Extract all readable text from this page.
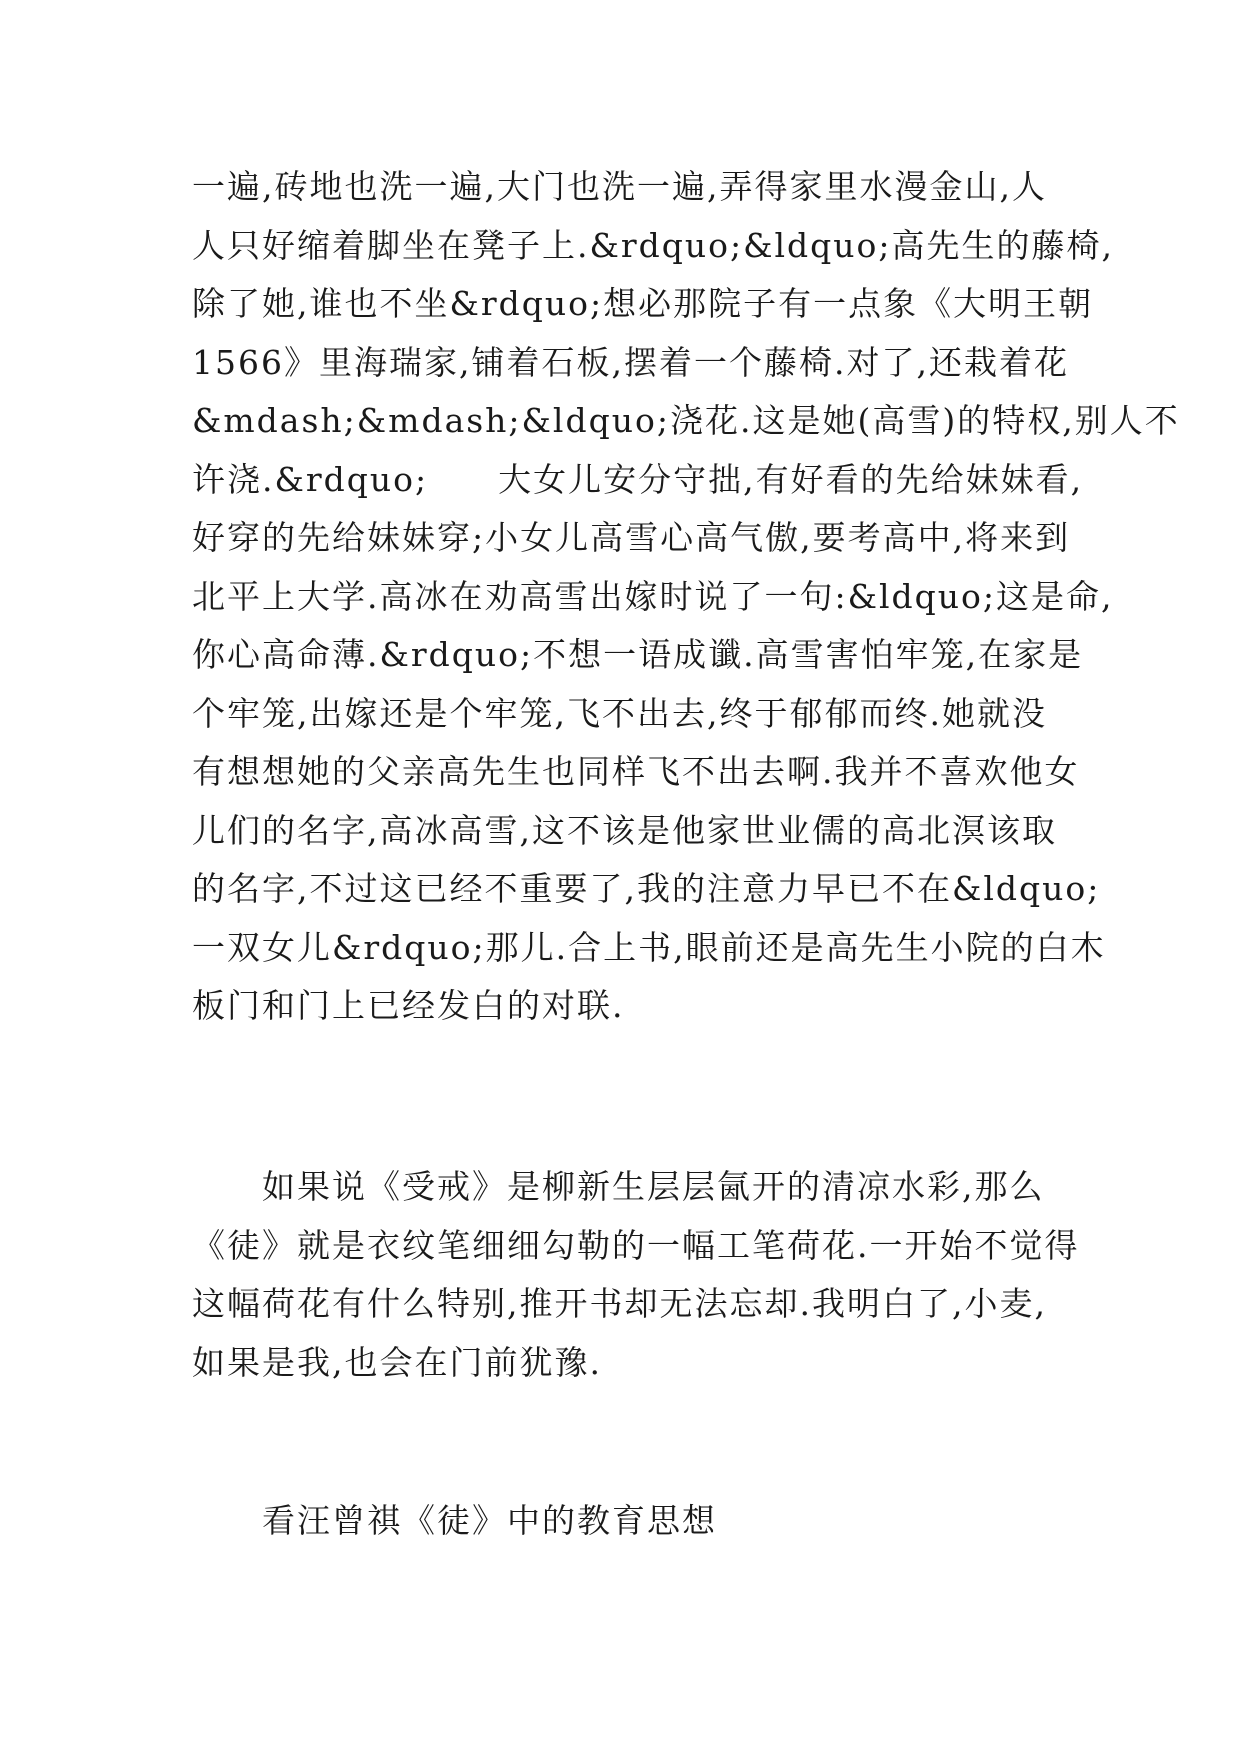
一遍,砖地也洗一遍,大门也洗一遍,弄得家里水漫金山,人
人只好缩着脚坐在凳子上.&rdquo;&ldquo;高先生的藤椅,
除了她,谁也不坐&rdquo;想必那院子有一点象《大明王朝
1566》里海瑞家,铺着石板,摆着一个藤椅.对了,还栽着花
&mdash;&mdash;&ldquo;浇花.这是她(高雪)的特权,别人不
许浇.&rdquo;　　大女儿安分守拙,有好看的先给妹妹看,
好穿的先给妹妹穿;小女儿高雪心高气傲,要考高中,将来到
北平上大学.高冰在劝高雪出嫁时说了一句:&ldquo;这是命,
你心高命薄.&rdquo;不想一语成谶.高雪害怕牢笼,在家是
个牢笼,出嫁还是个牢笼,飞不出去,终于郁郁而终.她就没
有想想她的父亲高先生也同样飞不出去啊.我并不喜欢他女
儿们的名字,高冰高雪,这不该是他家世业儒的高北溟该取
的名字,不过这已经不重要了,我的注意力早已不在&ldquo;
一双女儿&rdquo;那儿.合上书,眼前还是高先生小院的白木
板门和门上已经发白的对联.
　　如果说《受戒》是柳新生层层氤开的清凉水彩,那么
《徒》就是衣纹笔细细勾勒的一幅工笔荷花.一开始不觉得
这幅荷花有什么特别,推开书却无法忘却.我明白了,小麦,
如果是我,也会在门前犹豫.
　　看汪曾祺《徒》中的教育思想
